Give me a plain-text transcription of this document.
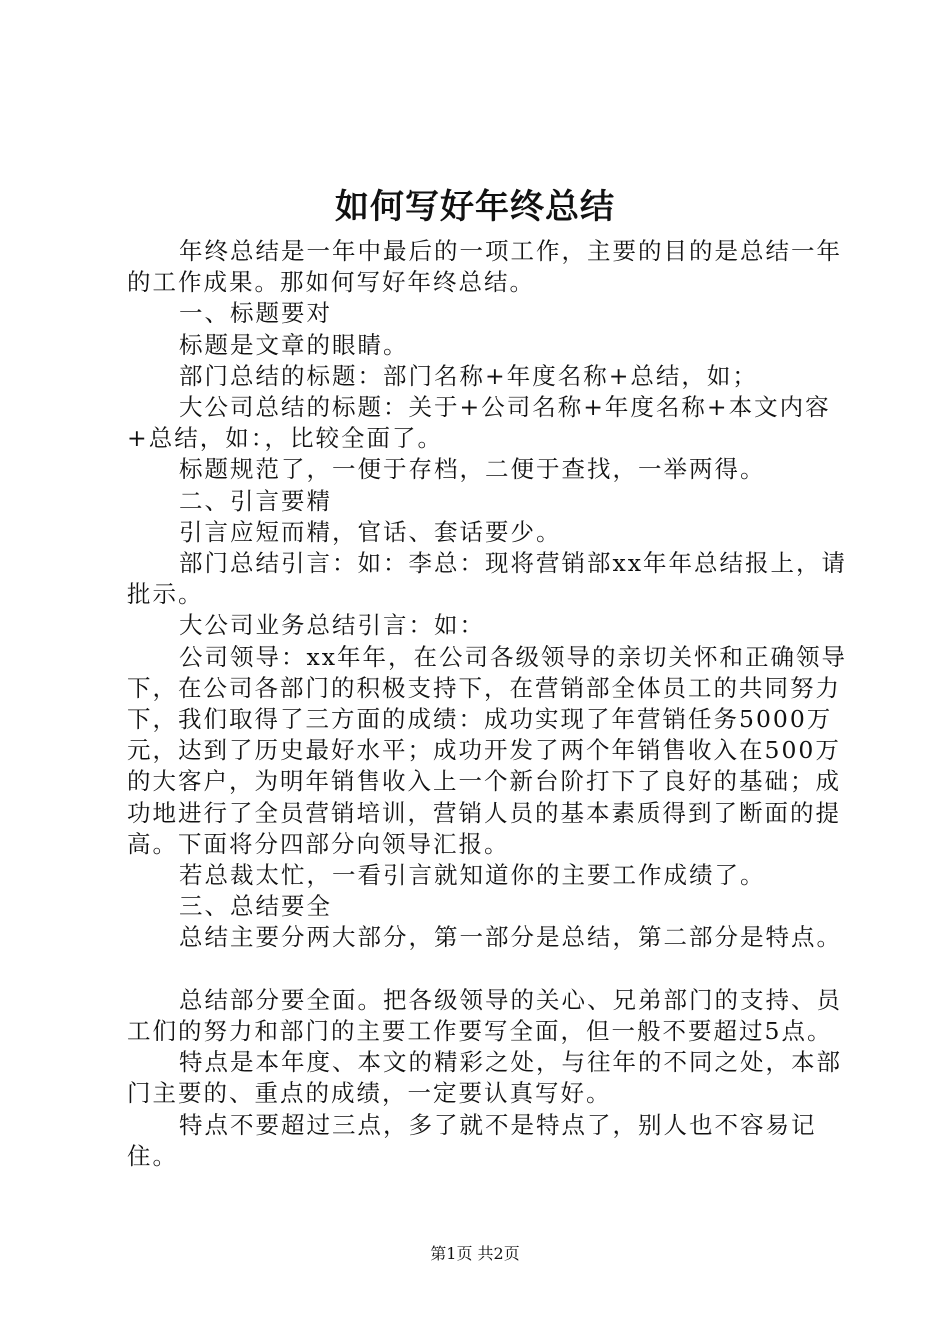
如何写好年终总结

年终总结是一年中最后的一项工作，主要的目的是总结一年的工作成果。那如何写好年终总结。

一、标题要对

标题是文章的眼睛。

部门总结的标题：部门名称+年度名称+总结，如；

大公司总结的标题：关于+公司名称+年度名称+本文内容+总结，如：，比较全面了。

标题规范了，一便于存档，二便于查找，一举两得。

二、引言要精

引言应短而精，官话、套话要少。

部门总结引言：如：李总：现将营销部xx年年总结报上，请批示。

大公司业务总结引言：如：

公司领导：xx年年，在公司各级领导的亲切关怀和正确领导下，在公司各部门的积极支持下，在营销部全体员工的共同努力下，我们取得了三方面的成绩：成功实现了年营销任务5000万元，达到了历史最好水平；成功开发了两个年销售收入在500万的大客户，为明年销售收入上一个新台阶打下了良好的基础；成功地进行了全员营销培训，营销人员的基本素质得到了断面的提高。下面将分四部分向领导汇报。

若总裁太忙，一看引言就知道你的主要工作成绩了。

三、总结要全

总结主要分两大部分，第一部分是总结，第二部分是特点。

总结部分要全面。把各级领导的关心、兄弟部门的支持、员工们的努力和部门的主要工作要写全面，但一般不要超过5点。

特点是本年度、本文的精彩之处，与往年的不同之处，本部门主要的、重点的成绩，一定要认真写好。

特点不要超过三点，多了就不是特点了，别人也不容易记住。

第1页 共2页
